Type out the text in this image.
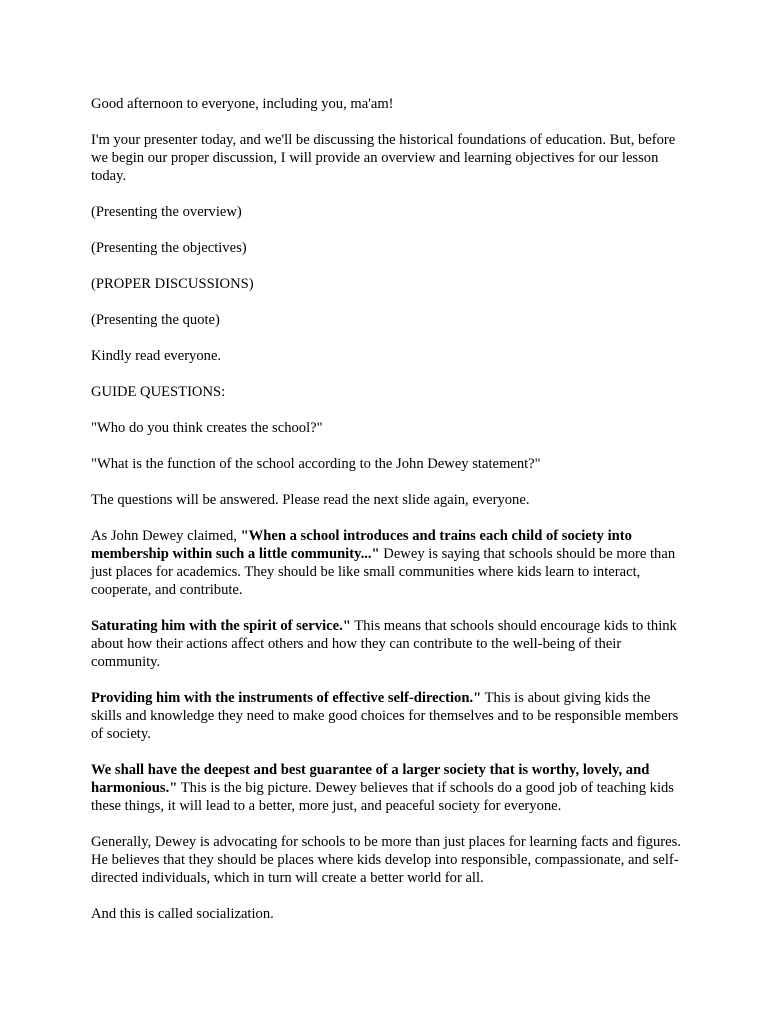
Good afternoon to everyone, including you, ma'am!

I'm your presenter today, and we'll be discussing the historical foundations of education. But, before we begin our proper discussion, I will provide an overview and learning objectives for our lesson today.

(Presenting the overview)

(Presenting the objectives)

(PROPER DISCUSSIONS)

(Presenting the quote)

Kindly read everyone.

GUIDE QUESTIONS:

"Who do you think creates the school?"

"What is the function of the school according to the John Dewey statement?"

The questions will be answered. Please read the next slide again, everyone.

As John Dewey claimed, "When a school introduces and trains each child of society into membership within such a little community..." Dewey is saying that schools should be more than just places for academics. They should be like small communities where kids learn to interact, cooperate, and contribute.

Saturating him with the spirit of service." This means that schools should encourage kids to think about how their actions affect others and how they can contribute to the well-being of their community.

Providing him with the instruments of effective self-direction." This is about giving kids the skills and knowledge they need to make good choices for themselves and to be responsible members of society.

We shall have the deepest and best guarantee of a larger society that is worthy, lovely, and harmonious." This is the big picture. Dewey believes that if schools do a good job of teaching kids these things, it will lead to a better, more just, and peaceful society for everyone.

Generally, Dewey is advocating for schools to be more than just places for learning facts and figures. He believes that they should be places where kids develop into responsible, compassionate, and self-directed individuals, which in turn will create a better world for all.

And this is called socialization.
